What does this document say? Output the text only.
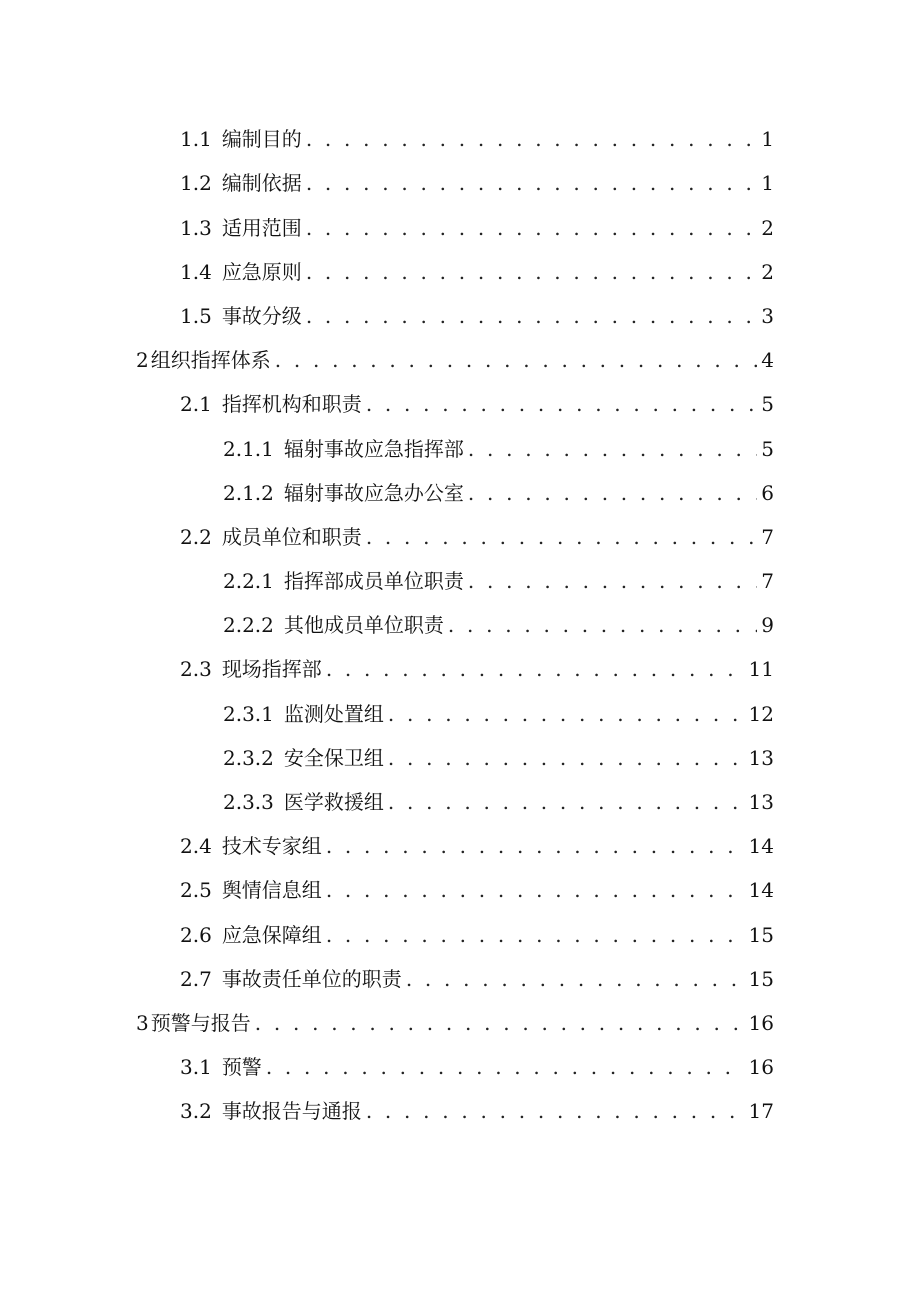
1.1 编制目的 . . .	1
1.2 编制依据 . . .	1
1.3 适用范围 . . .	2
1.4 应急原则 . . .	2
1.5 事故分级 . . .	3
2 组织指挥体系 . . .	4
2.1 指挥机构和职责 . . .	5
2.1.1 辐射事故应急指挥部 . . .	5
2.1.2 辐射事故应急办公室 . . .	6
2.2 成员单位和职责 . . .	7
2.2.1 指挥部成员单位职责 . . .	7
2.2.2 其他成员单位职责 . . .	9
2.3 现场指挥部 . . .	11
2.3.1 监测处置组 . . .	12
2.3.2 安全保卫组 . . .	13
2.3.3 医学救援组 . . .	13
2.4 技术专家组 . . .	14
2.5 舆情信息组 . . .	14
2.6 应急保障组 . . .	15
2.7 事故责任单位的职责 . . .	15
3 预警与报告 . . .	16
3.1 预警 . . .	16
3.2 事故报告与通报 . . .	17
